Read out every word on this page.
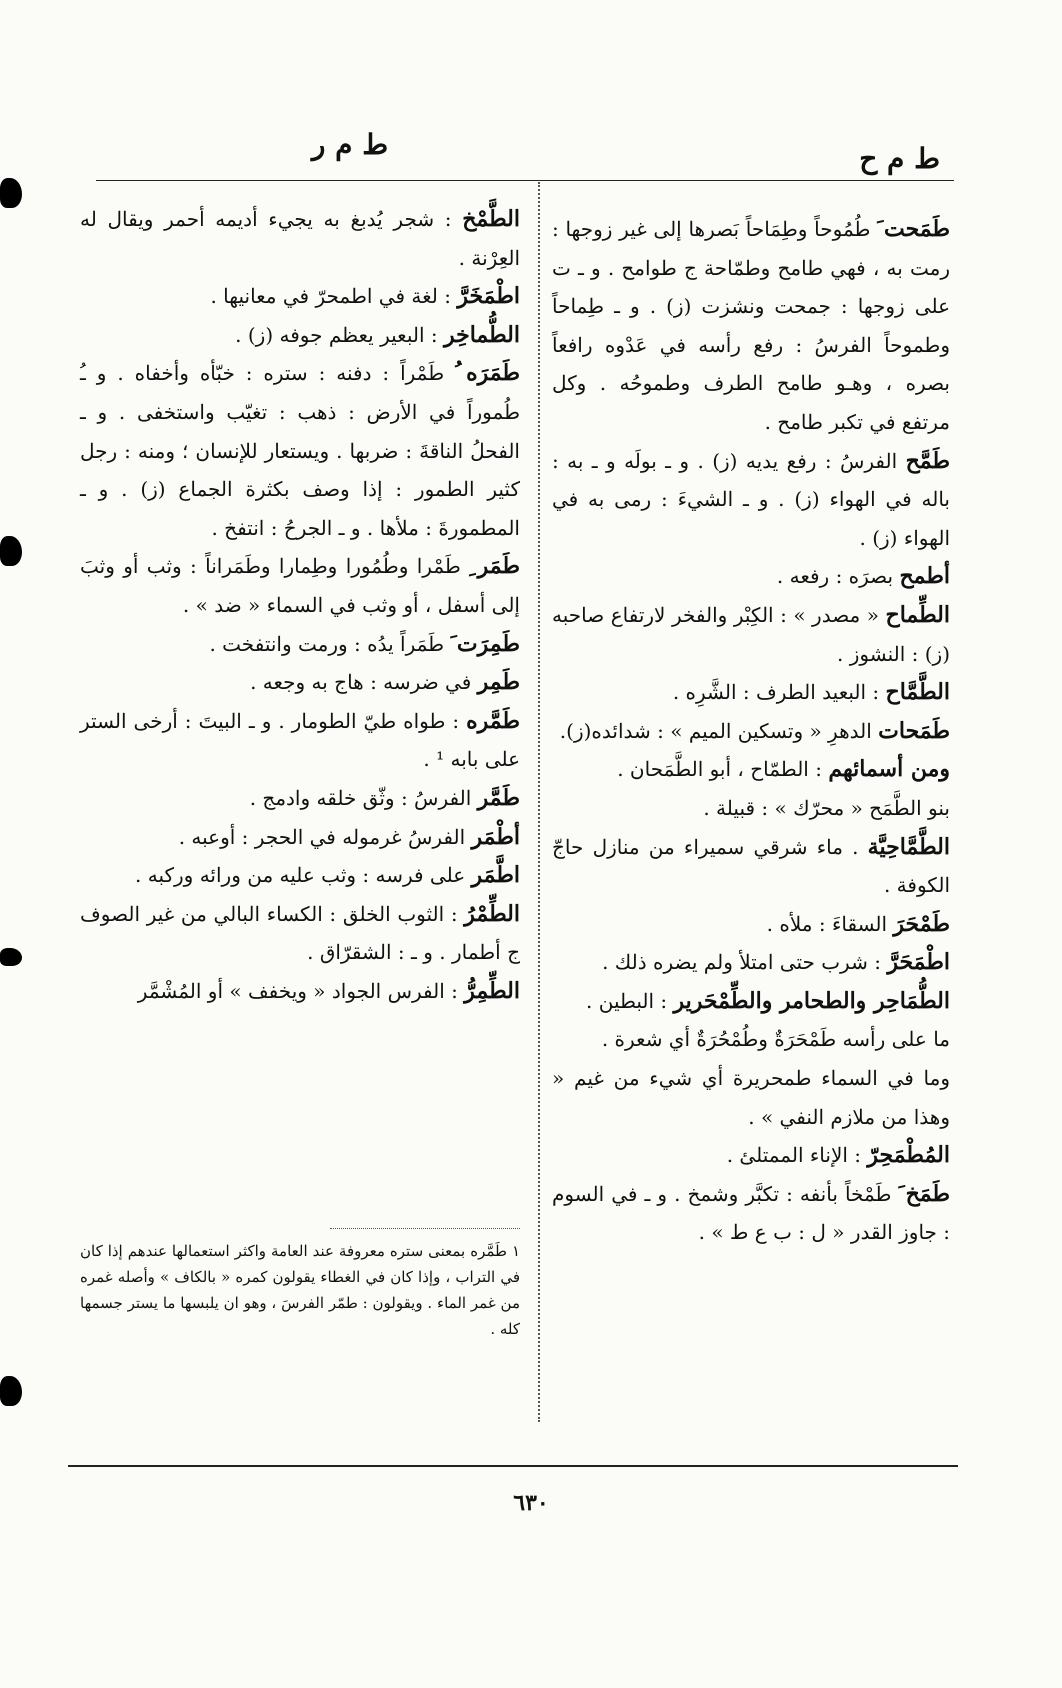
ط م ح
ط م ر

طَمَحت َ طُمُوحاً وطِمَاحاً بَصرها إلى غير زوجها : رمت به ، فهي طامح وطمّاحة ج طوامح . و ـ ت على زوجها : جمحت ونشزت (ز) . و ـ طِماحاً وطموحاً الفرسُ : رفع رأسه في عَدْوه رافعاً بصره ، وهـو طامح الطرف وطموحُه . وكل مرتفع في تكبر طامح .

طَمَّح الفرسُ : رفع يديه (ز) . و ـ بولَه و ـ به : باله في الهواء (ز) . و ـ الشيءَ : رمى به في الهواء (ز) .

أطمح بصرَه : رفعه .

الطِّماح « مصدر » : الكِبْر والفخر لارتفاع صاحبه (ز) : النشوز .

الطَّمَّاح : البعيد الطرف : الشَّرِه .

طَمَحات الدهرِ « وتسكين الميم » : شدائده(ز).

ومن أسمائهم : الطمّاح ، أبو الطَّمَحان .

بنو الطَّمَح « محرّك » : قبيلة .

الطَّمَّاحِيَّة . ماء شرقي سميراء من منازل حاجّ الكوفة .

طَمْحَرَ السقاءَ : ملأه .

اطْمَحَرَّ : شرب حتى امتلأ ولم يضره ذلك .

الطُّمَاحِر والطحامر والطِّمْحَرير : البطين .

ما على رأسه طَمْحَرَةٌ وطُمْحُرَةٌ أي شعرة .

وما في السماء طمحريرة أي شيء من غيم « وهذا من ملازم النفي » .

المُطْمَحِرّ : الإناء الممتلئ .

طَمَخ َ طَمْخاً بأنفه : تكبَّر وشمخ . و ـ في السوم : جاوز القدر « ل : ب ع ط » .

الطَّمْخ : شجر يُدبغ به يجيء أديمه أحمر ويقال له العِرْنة .

اطْمَخَرَّ : لغة في اطمحرّ في معانيها .

الطُّماخِر : البعير يعظم جوفه (ز) .

طَمَرَه ُ طَمْراً : دفنه : ستره : خبّأه وأخفاه . و ـُ طُموراً في الأرض : ذهب : تغيّب واستخفى . و ـ الفحلُ الناقةَ : ضربها . ويستعار للإنسان ؛ ومنه : رجل كثير الطمور : إذا وصف بكثرة الجماع (ز) . و ـ المطمورةَ : ملأها . و ـ الجرحُ : انتفخ .

طَمَر ِ طَمْرا وطُمُورا وطِمارا وطَمَراناً : وثب أو وثبَ إلى أسفل ، أو وثب في السماء « ضد » .

طَمِرَت َ طَمَراً يدُه : ورمت وانتفخت .

طَمِر في ضرسه : هاج به وجعه .

طَمَّره : طواه طيّ الطومار . و ـ البيتَ : أرخى الستر على بابه ¹ .

طَمَّر الفرسُ : وثّق خلقه وادمج .

أطْمَر الفرسُ غرموله في الحجر : أوعبه .

اطَّمَر على فرسه : وثب عليه من ورائه وركبه .

الطِّمْرُ : الثوب الخلق : الكساء البالي من غير الصوف ج أطمار . و ـ : الشقرّاق .

الطِّمِرُّ : الفرس الجواد « ويخفف » أو المُشْمَّر

١ طَمَّره بمعنى ستره معروفة عند العامة واكثر استعمالها عندهم إذا كان في التراب ، وإذا كان في الغطاء يقولون كمره « بالكاف » وأصله غمره من غمر الماء . ويقولون : طمّر الفرسَ ، وهو ان يلبسها ما يستر جسمها كله .
٦٣٠
